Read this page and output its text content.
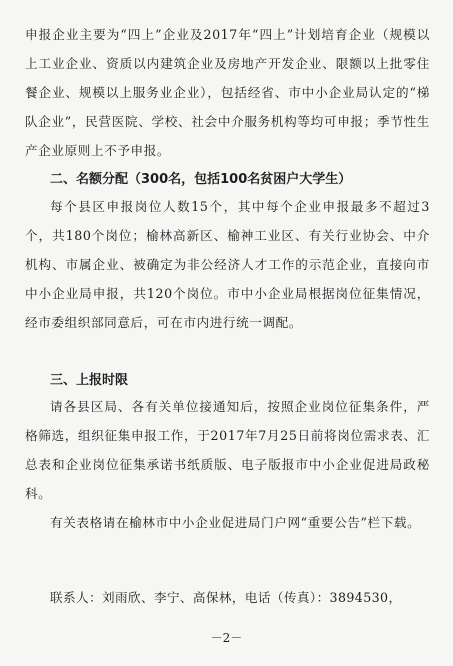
申报企业主要为“四上”企业及2017年“四上”计划培育企业（规模以上工业企业、资质以内建筑企业及房地产开发企业、限额以上批零住餐企业、规模以上服务业企业），包括经省、市中小企业局认定的“梯队企业”，民营医院、学校、社会中介服务机构等均可申报；季节性生产企业原则上不予申报。

二、名额分配（300名，包括100名贫困户大学生）

每个县区申报岗位人数15个，其中每个企业申报最多不超过3个，共180个岗位；榆林高新区、榆神工业区、有关行业协会、中介机构、市属企业、被确定为非公经济人才工作的示范企业，直接向市中小企业局申报，共120个岗位。市中小企业局根据岗位征集情况，经市委组织部同意后，可在市内进行统一调配。

三、上报时限

请各县区局、各有关单位接通知后，按照企业岗位征集条件，严格筛选，组织征集申报工作，于2017年7月25日前将岗位需求表、汇总表和企业岗位征集承诺书纸质版、电子版报市中小企业促进局政秘科。

有关表格请在榆林市中小企业促进局门户网“重要公告”栏下载。

联系人：刘雨欣、李宁、高保林，电话（传真）：3894530，

－2－
